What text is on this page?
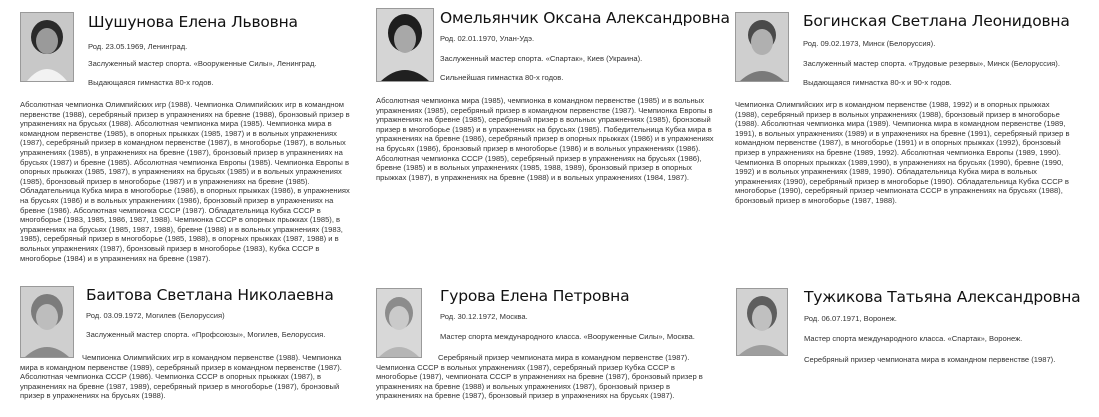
Шушунова Елена Львовна
Род. 23.05.1969, Ленинград.
Заслуженный мастер спорта. «Вооруженные Силы», Ленинград.
Выдающаяся гимнастка 80-х годов.
Абсолютная чемпионка Олимпийских игр (1988). Чемпионка Олимпийских игр в командном первенстве (1988), серебряный призер в упражнениях на бревне (1988), бронзовый призер в упражнениях на брусьях (1988). Абсолютная чемпионка мира (1985). Чемпионка мира в командном первенстве (1985), в опорных прыжках (1985, 1987) и в вольных упражнениях (1987), серебряный призер в командном первенстве (1987), в многоборье (1987), в вольных упражнениях (1985), в упражнениях на бревне (1987), бронзовый призер в упражнениях на брусьях (1987) и бревне (1985). Абсолютная чемпионка Европы (1985). Чемпионка Европы в опорных прыжках (1985, 1987), в упражнениях на брусьях (1985) и в вольных упражнениях (1985), бронзовый призер в многоборье (1987) и в упражнениях на бревне (1985). Обладательница Кубка мира в многоборье (1986), в опорных прыжках (1986), в упражнениях на брусьях (1986) и в вольных упражнениях (1986), бронзовый призер в упражнениях на бревне (1986). Абсолютная чемпионка СССР (1987). Обладательница Кубка СССР в многоборье (1983, 1985, 1986, 1987, 1988). Чемпионка СССР в опорных прыжках (1985), в упражнениях на брусьях (1985, 1987, 1988), бревне (1988) и в вольных упражнениях (1983, 1985), серебряный призер в многоборье (1985, 1988), в опорных прыжках (1987, 1988) и в вольных упражнениях (1987), бронзовый призер в многоборье (1983), Кубка СССР в многоборье (1984) и в упражнениях на бревне (1987).
Омельянчик Оксана Александровна
Род. 02.01.1970, Улан-Удэ.
Заслуженный мастер спорта. «Спартак», Киев (Украина).
Сильнейшая гимнастка 80-х годов.
Абсолютная чемпионка мира (1985), чемпионка в командном первенстве (1985) и в вольных упражнениях (1985), серебряный призер в командном первенстве (1987). Чемпионка Европы в упражнениях на бревне (1985), серебряный призер в вольных упражнениях (1985), бронзовый призер в многоборье (1985) и в упражнениях на брусьях (1985). Победительница Кубка мира в упражнениях на бревне (1986), серебряный призер в опорных прыжках (1986) и в упражнениях на брусьях (1986), бронзовый призер в многоборье (1986) и в вольных упражнениях (1986). Абсолютная чемпионка СССР (1985), серебряный призер в упражнениях на брусьях (1986), бревне (1985) и в вольных упражнениях (1985, 1988, 1989), бронзовый призер в опорных прыжках (1987), в упражнениях на бревне (1988) и в вольных упражнениях (1984, 1987).
Богинская Светлана Леонидовна
Род. 09.02.1973, Минск (Белоруссия).
Заслуженный мастер спорта. «Трудовые резервы», Минск (Белоруссия).
Выдающаяся гимнастка 80-х и 90-х годов.
Чемпионка Олимпийских игр в командном первенстве (1988, 1992) и в опорных прыжках (1988), серебряный призер в вольных упражнениях (1988), бронзовый призер в многоборье (1988). Абсолютная чемпионка мира (1989). Чемпионка мира в командном первенстве (1989, 1991), в вольных упражнениях (1989) и в упражнениях на бревне (1991), серебряный призер в командном первенстве (1987), в многоборье (1991) и в опорных прыжках (1992), бронзовый призер в упражнениях на бревне (1989, 1992). Абсолютная чемпионка Европы (1989, 1990). Чемпионка В опорных прыжках (1989,1990), в упражнениях на брусьях (1990), бревне (1990, 1992) и в вольных упражнениях (1989, 1990). Обладательница Кубка мира в вольных упражнениях (1990), серебряный призер в многоборье (1990). Обладательница Кубка СССР в многоборье (1990), серебряный призер чемпионата СССР в упражнениях на брусьях (1988), бронзовый призер в многоборье (1987, 1988).
Баитова Светлана Николаевна
Род. 03.09.1972, Могилев (Белоруссия)
Заслуженный мастер спорта. «Профсоюзы», Могилев, Белоруссия.
Чемпионка Олимпийских игр в командном первенстве (1988). Чемпионка мира в командном первенстве (1989), серебряный призер в командном первенстве (1987). Абсолютная чемпионка СССР (1986). Чемпионка СССР в опорных прыжках (1987), в упражнениях на бревне (1987, 1989), серебряный призер в многоборье (1987), бронзовый призер в упражнениях на брусьях (1988).
Гурова Елена Петровна
Род. 30.12.1972, Москва.
Мастер спорта международного класса. «Вооруженные Силы», Москва.
Серебряный призер чемпионата мира в командном первенстве (1987). Чемпионка СССР в вольных упражнениях (1987), серебряный призер Кубка СССР в многоборье (1987), чемпионата СССР в упражнениях на бревне (1987), бронзовый призер в упражнениях на бревне (1988) и вольных упражнениях (1987), бронзовый призер в упражнениях на бревне (1987), бронзовый призер в упражнениях на брусьях (1987).
Тужикова Татьяна Александровна
Род. 06.07.1971, Воронеж.
Мастер спорта международного класса. «Спартак», Воронеж.
Серебряный призер чемпионата мира в командном первенстве (1987).
